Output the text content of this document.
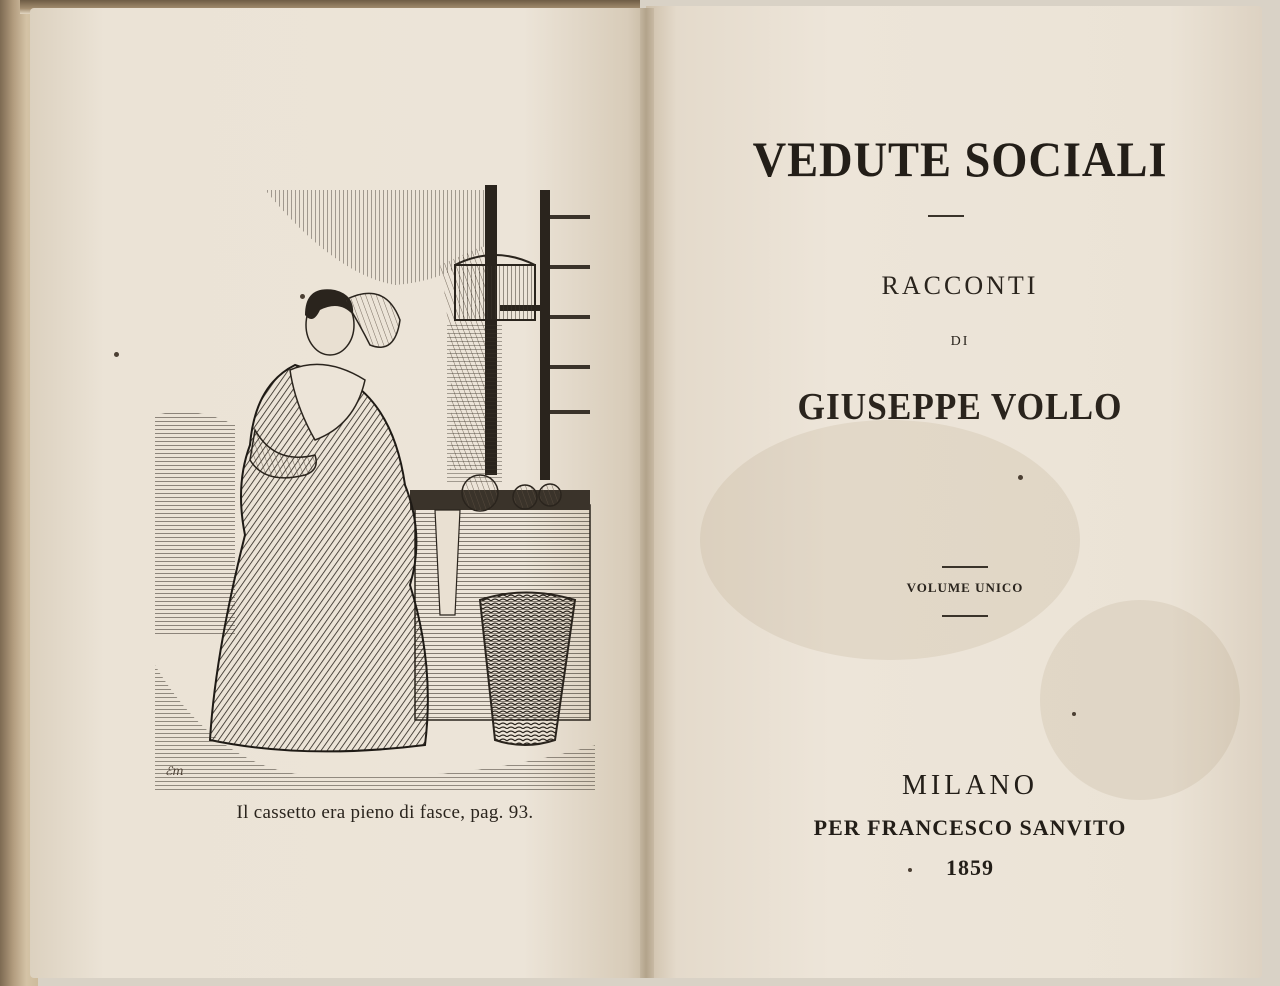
ℰm
Il cassetto era pieno di fasce, pag. 93.
VEDUTE SOCIALI
RACCONTI
DI
GIUSEPPE VOLLO
VOLUME UNICO
MILANO
PER FRANCESCO SANVITO
1859
